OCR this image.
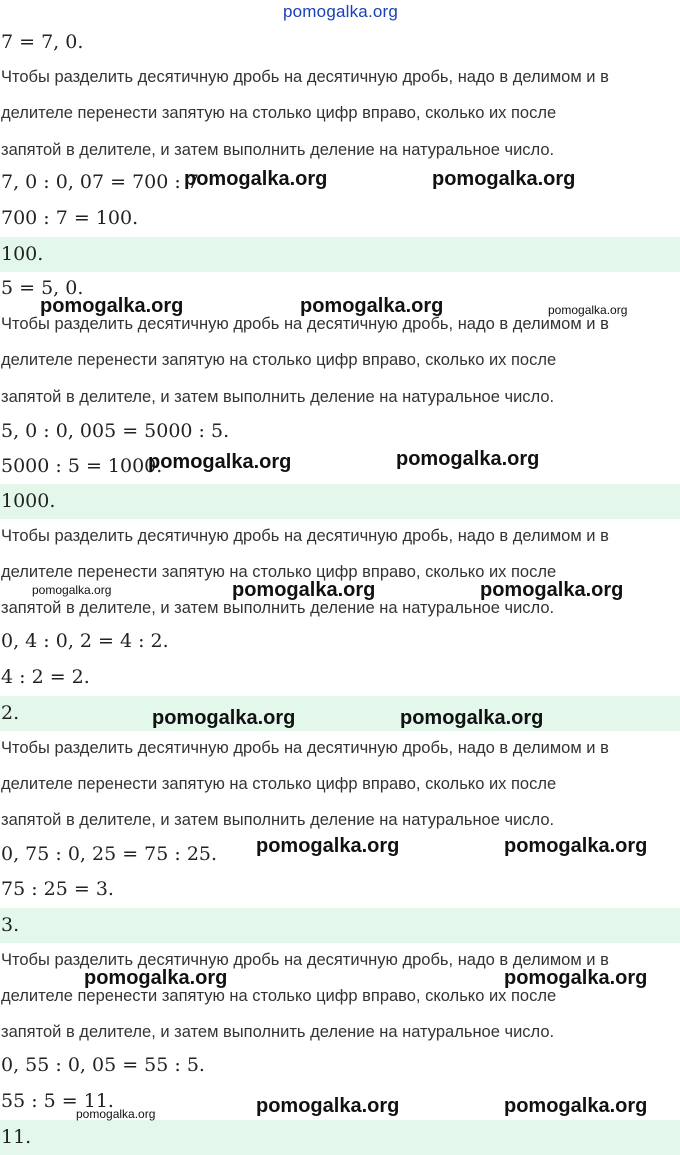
pomogalka.org
7 = 7, 0.
Чтобы разделить десятичную дробь на десятичную дробь, надо в делимом и в
делителе перенести запятую на столько цифр вправо, сколько их после
запятой в делителе, и затем выполнить деление на натуральное число.
7, 0 : 0, 07 = 700 : 7
700 : 7 = 100.
100.
5 = 5, 0.
Чтобы разделить десятичную дробь на десятичную дробь, надо в делимом и в
делителе перенести запятую на столько цифр вправо, сколько их после
запятой в делителе, и затем выполнить деление на натуральное число.
5, 0 : 0, 005 = 5000 : 5.
5000 : 5 = 1000.
1000.
Чтобы разделить десятичную дробь на десятичную дробь, надо в делимом и в
делителе перенести запятую на столько цифр вправо, сколько их после
запятой в делителе, и затем выполнить деление на натуральное число.
0, 4 : 0, 2 = 4 : 2.
4 : 2 = 2.
2.
Чтобы разделить десятичную дробь на десятичную дробь, надо в делимом и в
делителе перенести запятую на столько цифр вправо, сколько их после
запятой в делителе, и затем выполнить деление на натуральное число.
0, 75 : 0, 25 = 75 : 25.
75 : 25 = 3.
3.
Чтобы разделить десятичную дробь на десятичную дробь, надо в делимом и в
делителе перенести запятую на столько цифр вправо, сколько их после
запятой в делителе, и затем выполнить деление на натуральное число.
0, 55 : 0, 05 = 55 : 5.
55 : 5 = 11.
11.
pomogalka.org	pomogalka.org
pomogalka.org	pomogalka.org	pomogalka.org
pomogalka.org	pomogalka.org
pomogalka.org	pomogalka.org	pomogalka.org
pomogalka.org	pomogalka.org
pomogalka.org	pomogalka.org
pomogalka.org	pomogalka.org
pomogalka.org	pomogalka.org	pomogalka.org
